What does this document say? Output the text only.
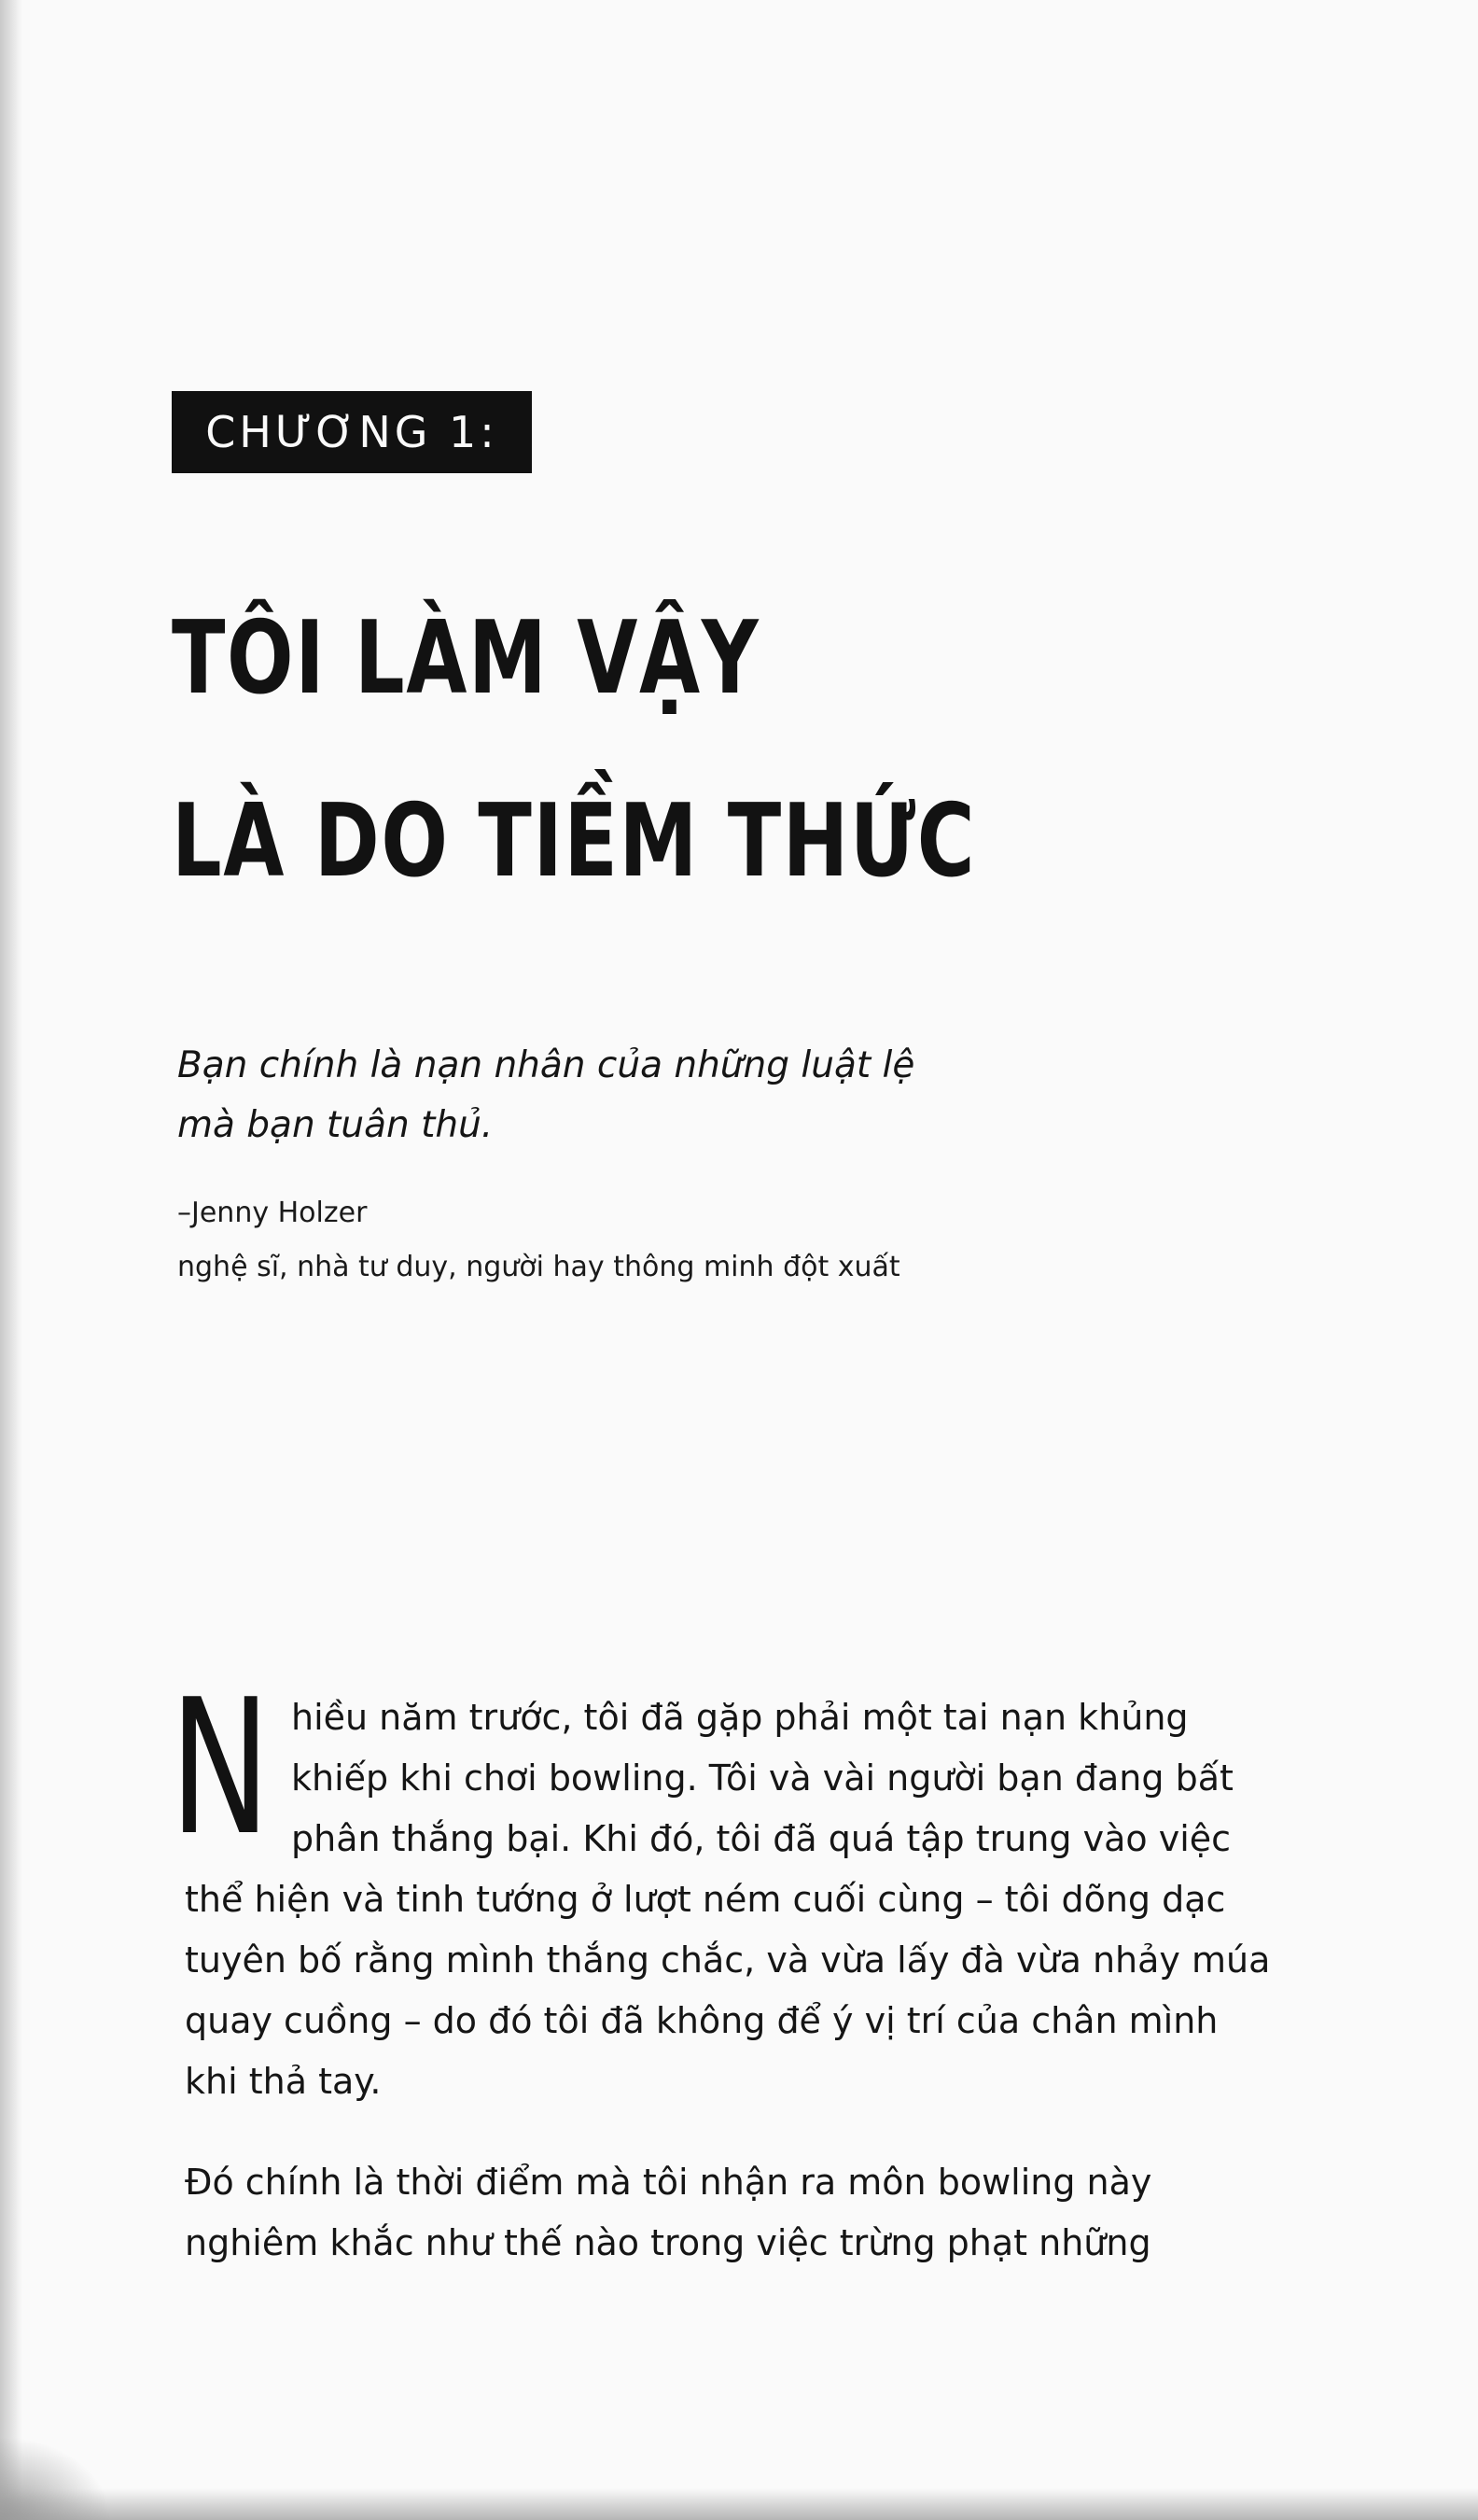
CHƯƠNG 1:
TÔI LÀM VẬY
LÀ DO TIỀM THỨC
Bạn chính là nạn nhân của những luật lệ
mà bạn tuân thủ.
–Jenny Holzer
nghệ sĩ, nhà tư duy, người hay thông minh đột xuất
N hiều năm trước, tôi đã gặp phải một tai nạn khủng
khiếp khi chơi bowling. Tôi và vài người bạn đang bất
phân thắng bại. Khi đó, tôi đã quá tập trung vào việc
thể hiện và tinh tướng ở lượt ném cuối cùng – tôi dõng dạc
tuyên bố rằng mình thắng chắc, và vừa lấy đà vừa nhảy múa
quay cuồng – do đó tôi đã không để ý vị trí của chân mình
khi thả tay.
Đó chính là thời điểm mà tôi nhận ra môn bowling này
nghiêm khắc như thế nào trong việc trừng phạt những
